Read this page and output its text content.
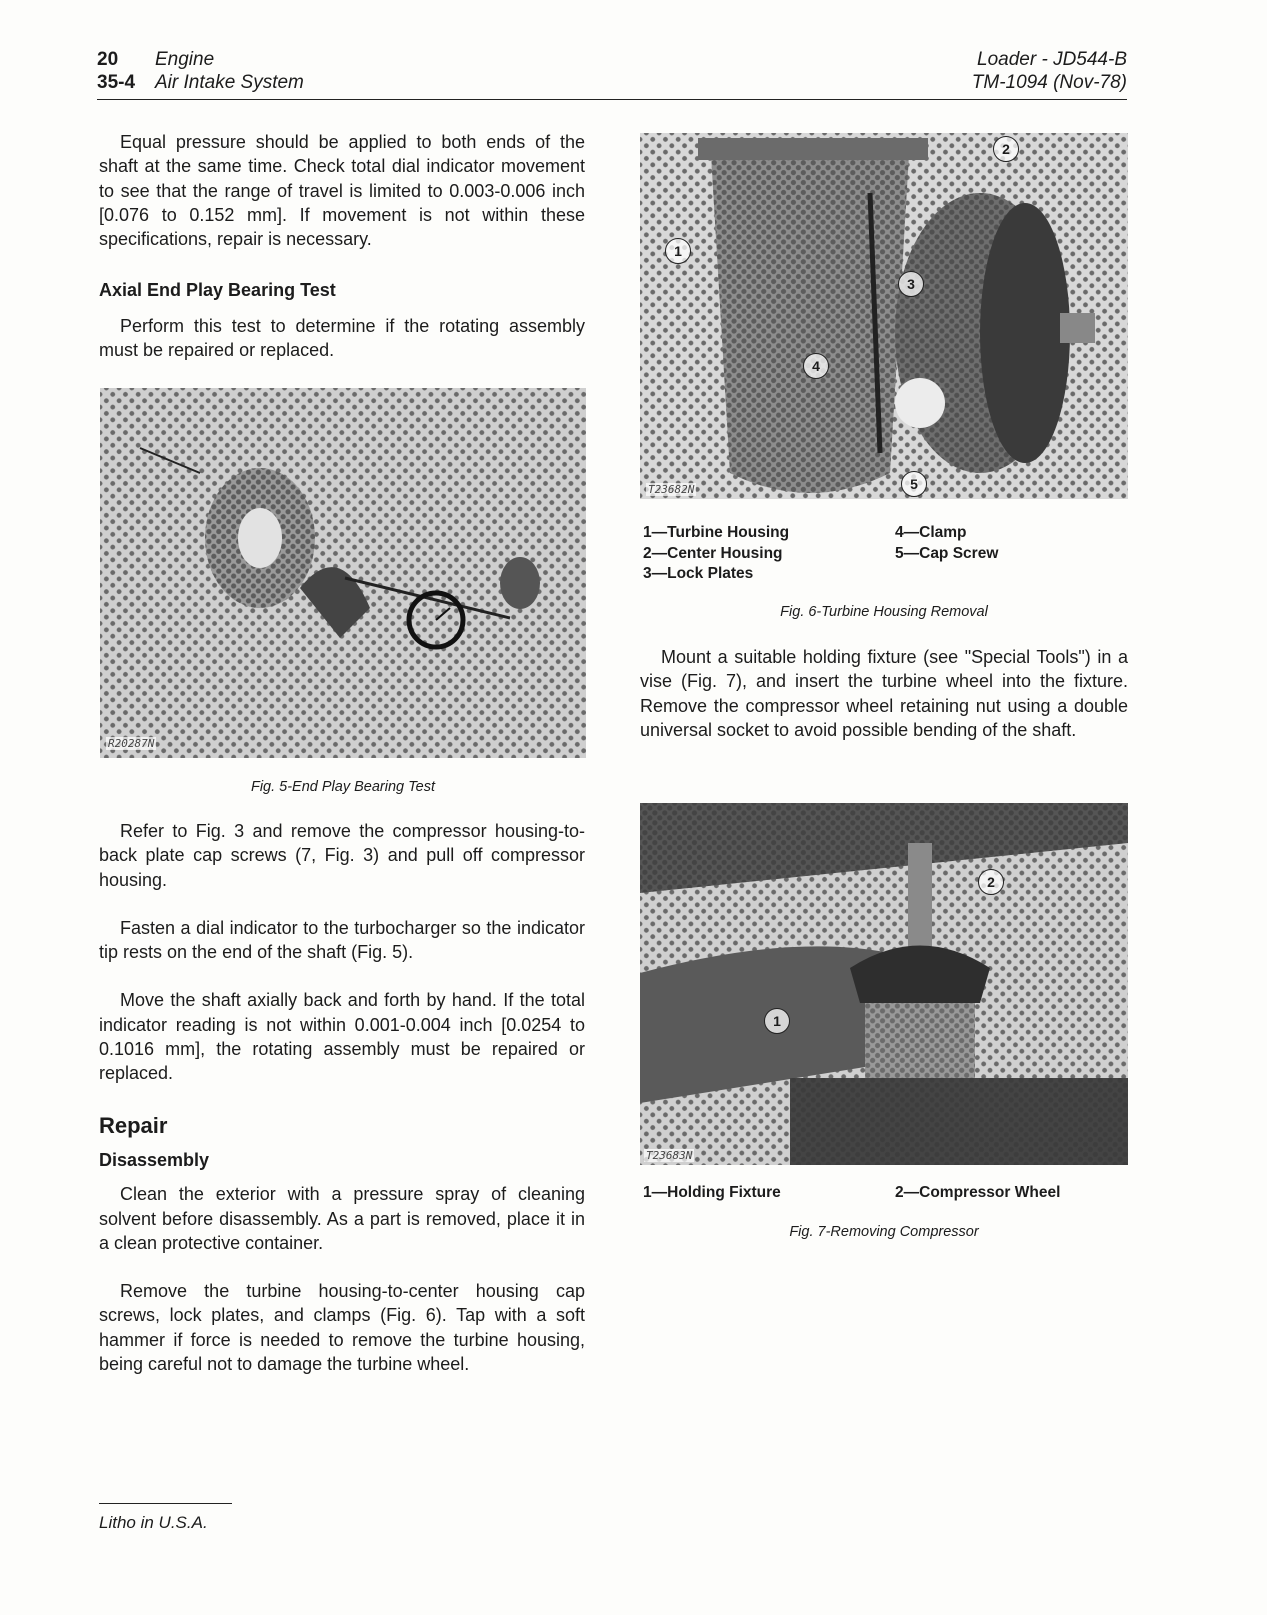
20 Engine
35-4 Air Intake System
Loader - JD544-B
TM-1094 (Nov-78)

Equal pressure should be applied to both ends of the shaft at the same time. Check total dial indicator movement to see that the range of travel is limited to 0.003-0.006 inch [0.076 to 0.152 mm]. If movement is not within these specifications, repair is necessary.

Axial End Play Bearing Test

Perform this test to determine if the rotating assembly must be repaired or replaced.

R20287N
Fig. 5-End Play Bearing Test

Refer to Fig. 3 and remove the compressor housing-to-back plate cap screws (7, Fig. 3) and pull off compressor housing.

Fasten a dial indicator to the turbocharger so the indicator tip rests on the end of the shaft (Fig. 5).

Move the shaft axially back and forth by hand. If the total indicator reading is not within 0.001-0.004 inch [0.0254 to 0.1016 mm], the rotating assembly must be repaired or replaced.

Repair
Disassembly

Clean the exterior with a pressure spray of cleaning solvent before disassembly. As a part is removed, place it in a clean protective container.

Remove the turbine housing-to-center housing cap screws, lock plates, and clamps (Fig. 6). Tap with a soft hammer if force is needed to remove the turbine housing, being careful not to damage the turbine wheel.

2
1
3
4
5
T23682N
1—Turbine Housing
2—Center Housing
3—Lock Plates
4—Clamp
5—Cap Screw
Fig. 6-Turbine Housing Removal

Mount a suitable holding fixture (see "Special Tools") in a vise (Fig. 7), and insert the turbine wheel into the fixture. Remove the compressor wheel retaining nut using a double universal socket to avoid possible bending of the shaft.

2
1
T23683N
1—Holding Fixture	2—Compressor Wheel
Fig. 7-Removing Compressor
Litho in U.S.A.
